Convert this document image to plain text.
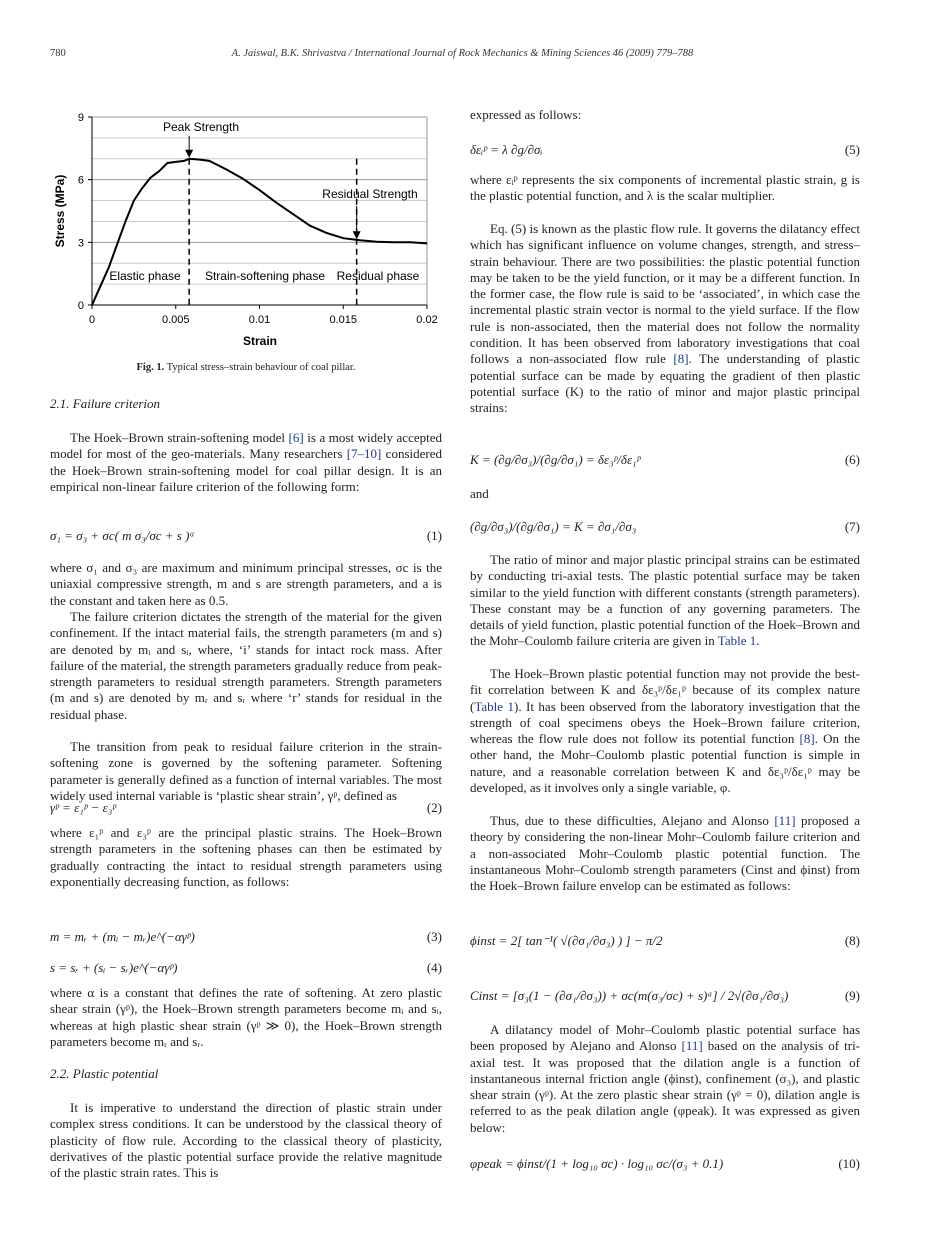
780	A. Jaiswal, B.K. Shrivastva / International Journal of Rock Mechanics & Mining Sciences 46 (2009) 779–788
0
3
6
9
0	0.005	0.01	0.015	0.02
Peak Strength
Residual Strength
Elastic phase Strain-softening phase Residual phase
Strain
Stress (MPa)
Fig. 1. Typical stress–strain behaviour of coal pillar.
2.1. Failure criterion

The Hoek–Brown strain-softening model [6] is a most widely accepted model for most of the geo-materials. Many researchers [7–10] considered the Hoek–Brown strain-softening model for coal pillar design. It is an empirical non-linear failure criterion of the following form:

σ₁ = σ₃ + σc( m σ₃/σc + s )ᵃ	(1)

where σ₁ and σ₃ are maximum and minimum principal stresses, σc is the uniaxial compressive strength, m and s are strength parameters, and a is the constant and taken here as 0.5.

The failure criterion dictates the strength of the material for the given confinement. If the intact material fails, the strength parameters (m and s) are denoted by mᵢ and sᵢ, where, ‘i’ stands for intact rock mass. After failure of the material, the strength parameters gradually reduce from peak-strength parameters to residual strength parameters. Strength parameters (m and s) are denoted by mᵣ and sᵣ where ‘r’ stands for residual in the residual phase.

The transition from peak to residual failure criterion in the strain-softening zone is governed by the softening parameter. Softening parameter is generally defined as a function of internal variables. The most widely used internal variable is ‘plastic shear strain’, γᵖ, defined as

γᵖ = ε₁ᵖ − ε₃ᵖ	(2)

where ε₁ᵖ and ε₃ᵖ are the principal plastic strains. The Hoek–Brown strength parameters in the softening phases can then be estimated by gradually contracting the intact to residual strength parameters using exponentially decreasing function, as follows:

m = mᵣ + (mᵢ − mᵣ)e^(−αγᵖ)	(3)
s = sᵣ + (sᵢ − sᵣ)e^(−αγᵖ)	(4)

where α is a constant that defines the rate of softening. At zero plastic shear strain (γᵖ), the Hoek–Brown strength parameters become mᵢ and sᵢ, whereas at high plastic shear strain (γᵖ ≫ 0), the Hoek–Brown strength parameters become mᵣ and sᵣ.

2.2. Plastic potential

It is imperative to understand the direction of plastic strain under complex stress conditions. It can be understood by the classical theory of plasticity of flow rule. According to the classical theory of plasticity, derivatives of the plastic potential surface provide the relative magnitude of the plastic strain rates. This is

expressed as follows:

δεᵢᵖ = λ ∂g/∂σᵢ	(5)

where εᵢᵖ represents the six components of incremental plastic strain, g is the plastic potential function, and λ is the scalar multiplier.

Eq. (5) is known as the plastic flow rule. It governs the dilatancy effect which has significant influence on volume changes, strength, and stress–strain behaviour. There are two possibilities: the plastic potential function may be taken to be the yield function, or it may be a different function. In the former case, the flow rule is said to be ‘associated’, in which case the incremental plastic strain vector is normal to the yield surface. If the flow rule is non-associated, then the material does not follow the normality condition. It has been observed from laboratory investigations that coal follows a non-associated flow rule [8]. The understanding of plastic potential surface can be made by equating the gradient of then plastic potential surface (K) to the ratio of minor and major plastic principal strains:

K = (∂g/∂σ₃)/(∂g/∂σ₁) = δε₃ᵖ/δε₁ᵖ	(6)

and

(∂g/∂σ₃)/(∂g/∂σ₁) = K = ∂σ₁/∂σ₃	(7)

The ratio of minor and major plastic principal strains can be estimated by conducting tri-axial tests. The plastic potential surface may be taken similar to the yield function with different constants (strength parameters). These constant may be a function of any governing parameters. The details of yield function, plastic potential function of the Hoek–Brown and the Mohr–Coulomb failure criteria are given in Table 1.

The Hoek–Brown plastic potential function may not provide the best-fit correlation between K and δε₃ᵖ/δε₁ᵖ because of its complex nature (Table 1). It has been observed from the laboratory investigation that the strength of coal specimens obeys the Hoek–Brown failure criterion, whereas the flow rule does not follow its potential function [8]. On the other hand, the Mohr–Coulomb plastic potential function is simple in nature, and a reasonable correlation between K and δε₃ᵖ/δε₁ᵖ may be developed, as it involves only a single variable, φ.

Thus, due to these difficulties, Alejano and Alonso [11] proposed a theory by considering the non-linear Mohr–Coulomb failure criterion and a non-associated Mohr–Coulomb plastic potential function. The instantaneous Mohr–Coulomb strength parameters (Cinst and ϕinst) from the Hoek–Brown failure envelop can be estimated as follows:

ϕinst = 2[ tan⁻¹( √(∂σ₁/∂σ₃) ) ] − π/2	(8)
Cinst = [σ₃(1 − (∂σ₁/∂σ₃)) + σc(m(σ₃/σc) + s)ᵃ] / 2√(∂σ₁/∂σ₃)	(9)

A dilatancy model of Mohr–Coulomb plastic potential surface has been proposed by Alejano and Alonso [11] based on the analysis of tri-axial test. It was proposed that the dilation angle is a function of instantaneous internal friction angle (ϕinst), confinement (σ₃), and plastic shear strain (γᵖ). At the zero plastic shear strain (γᵖ = 0), dilation angle is referred to as the peak dilation angle (φpeak). It was expressed as given below:

φpeak = ϕinst/(1 + log₁₀ σc) · log₁₀ σc/(σ₃ + 0.1)	(10)
